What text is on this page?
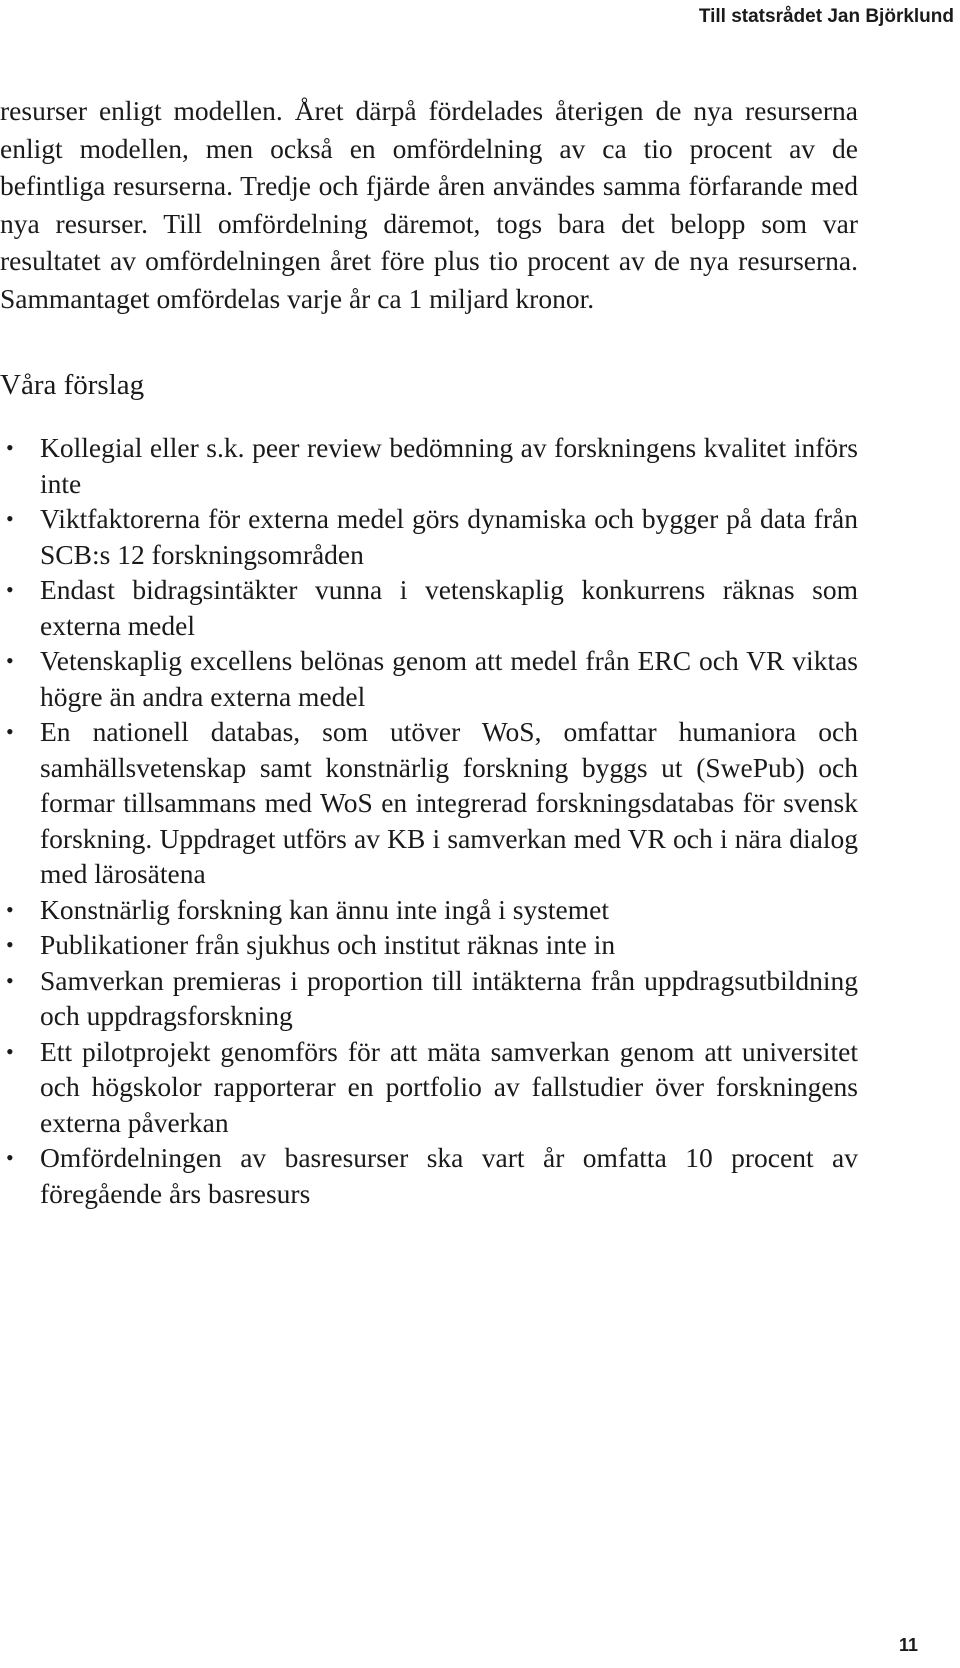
Till statsrådet Jan Björklund

resurser enligt modellen. Året därpå fördelades återigen de nya resurserna enligt modellen, men också en omfördelning av ca tio procent av de befintliga resurserna. Tredje och fjärde åren användes samma förfarande med nya resurser. Till omfördelning däremot, togs bara det belopp som var resultatet av omfördelningen året före plus tio procent av de nya resurserna. Sammantaget omfördelas varje år ca 1 miljard kronor.

Våra förslag
• Kollegial eller s.k. peer review bedömning av forskningens kvalitet införs inte
• Viktfaktorerna för externa medel görs dynamiska och bygger på data från SCB:s 12 forskningsområden
• Endast bidragsintäkter vunna i vetenskaplig konkurrens räknas som externa medel
• Vetenskaplig excellens belönas genom att medel från ERC och VR viktas högre än andra externa medel
• En nationell databas, som utöver WoS, omfattar humaniora och samhällsvetenskap samt konstnärlig forskning byggs ut (SwePub) och formar tillsammans med WoS en integrerad forskningsdatabas för svensk forskning. Uppdraget utförs av KB i samverkan med VR och i nära dialog med lärosätena
• Konstnärlig forskning kan ännu inte ingå i systemet
• Publikationer från sjukhus och institut räknas inte in
• Samverkan premieras i proportion till intäkterna från uppdragsutbildning och uppdragsforskning
• Ett pilotprojekt genomförs för att mäta samverkan genom att universitet och högskolor rapporterar en portfolio av fallstudier över forskningens externa påverkan
• Omfördelningen av basresurser ska vart år omfatta 10 procent av föregående års basresurs
11
